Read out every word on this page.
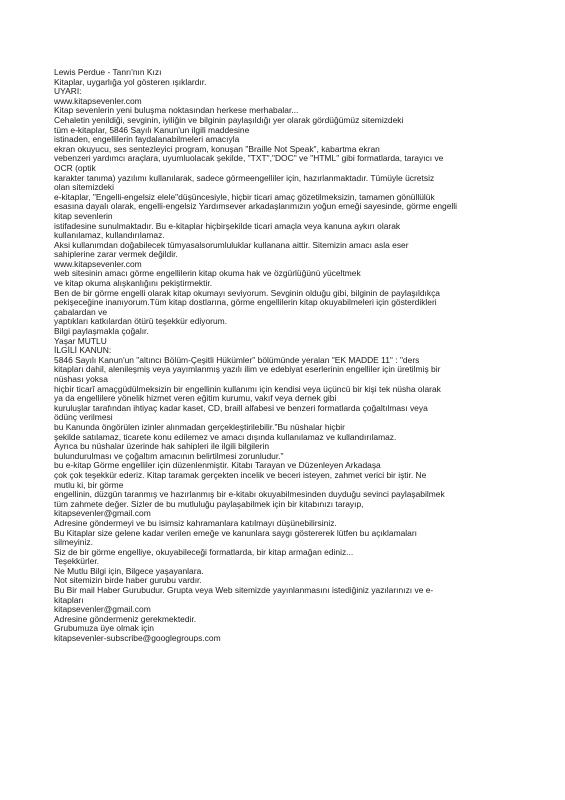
Lewis Perdue - Tanrı'nın Kızı
Kitaplar, uygarlığa yol gösteren ışıklardır.
UYARI:
www.kitapsevenler.com
Kitap sevenlerin yeni buluşma noktasından herkese merhabalar...
Cehaletin yenildiği, sevginin, iyiliğin ve bilginin paylaşıldığı yer olarak gördüğümüz sitemizdeki
tüm e-kitaplar, 5846 Sayılı Kanun'un ilgili maddesine
istinaden, engellilerin faydalanabilmeleri amacıyla
ekran okuyucu, ses sentezleyici program, konuşan "Braille Not Speak", kabartma ekran
vebenzeri yardımcı araçlara, uyumluolacak şekilde, "TXT","DOC" ve "HTML" gibi formatlarda, tarayıcı ve
OCR (optik
karakter tanıma) yazılımı kullanılarak, sadece görmeengelliler için, hazırlanmaktadır. Tümüyle ücretsiz
olan sitemizdeki
e-kitaplar, "Engelli-engelsiz elele"düşüncesiyle, hiçbir ticari amaç gözetilmeksizin, tamamen gönüllülük
esasına dayalı olarak, engelli-engelsiz Yardımsever arkadaşlarımızın yoğun emeği sayesinde, görme engelli
kitap sevenlerin
istifadesine sunulmaktadır. Bu e-kitaplar hiçbirşekilde ticari amaçla veya kanuna aykırı olarak
kullanılamaz, kullandırılamaz.
Aksi kullanımdan doğabilecek tümyasalsorumluluklar kullanana aittir. Sitemizin amacı asla eser
sahiplerine zarar vermek değildir.
www.kitapsevenler.com
web sitesinin amacı görme engellilerin kitap okuma hak ve özgürlüğünü yüceltmek
ve kitap okuma alışkanlığını pekiştirmektir.
Ben de bir görme engelli olarak kitap okumayı seviyorum. Sevginin olduğu gibi, bilginin de paylaşıldıkça
pekişeceğine inanıyorum.Tüm kitap dostlarına, görme engellilerin kitap okuyabilmeleri için gösterdikleri
çabalardan ve
yaptıkları katkılardan ötürü teşekkür ediyorum.
Bilgi paylaşmakla çoğalır.
Yaşar MUTLU
İLGİLİ KANUN:
5846 Sayılı Kanun'un "altıncı Bölüm-Çeşitli Hükümler" bölümünde yeralan "EK MADDE 11" : "ders
kitapları dahil, alenileşmiş veya yayımlanmış yazılı ilim ve edebiyat eserlerinin engelliler için üretilmiş bir
nüshası yoksa
hiçbir ticarî amaçgüdülmeksizin bir engellinin kullanımı için kendisi veya üçüncü bir kişi tek nüsha olarak
ya da engellilere yönelik hizmet veren eğitim kurumu, vakıf veya dernek gibi
kuruluşlar tarafından ihtiyaç kadar kaset, CD, braill alfabesi ve benzeri formatlarda çoğaltılması veya
ödünç verilmesi
bu Kanunda öngörülen izinler alınmadan gerçekleştirilebilir."Bu nüshalar hiçbir
şekilde satılamaz, ticarete konu edilemez ve amacı dışında kullanılamaz ve kullandırılamaz.
Ayrıca bu nüshalar üzerinde hak sahipleri ile ilgili bilgilerin
bulundurulması ve çoğaltım amacının belirtilmesi zorunludur."
bu e-kitap Görme engelliler için düzenlenmiştir. Kitabı Tarayan ve Düzenleyen Arkadaşa
çok çok teşekkür ederiz. Kitap taramak gerçekten incelik ve beceri isteyen, zahmet verici bir iştir. Ne
mutlu ki, bir görme
engellinin, düzgün taranmış ve hazırlanmış bir e-kitabı okuyabilmesinden duyduğu sevinci paylaşabilmek
tüm zahmete değer. Sizler de bu mutluluğu paylaşabilmek için bir kitabınızı tarayıp,
kitapsevenler@gmail.com
Adresine göndermeyi ve bu isimsiz kahramanlara katılmayı düşünebilirsiniz.
Bu Kitaplar size gelene kadar verilen emeğe ve kanunlara saygı göstererek lütfen bu açıklamaları
silmeyiniz.
Siz de bir görme engelliye, okuyabileceği formatlarda, bir kitap armağan ediniz...
Teşekkürler.
Ne Mutlu Bilgi için, Bilgece yaşayanlara.
Not sitemizin birde haber gurubu vardır.
Bu Bir mail Haber Gurubudur. Grupta veya Web sitemizde yayınlanmasını istediğiniz yazılarınızı ve e-
kitapları
kitapsevenler@gmail.com
Adresine göndermeniz gerekmektedir.
Grubumuza üye olmak için
kitapsevenler-subscribe@googlegroups.com
